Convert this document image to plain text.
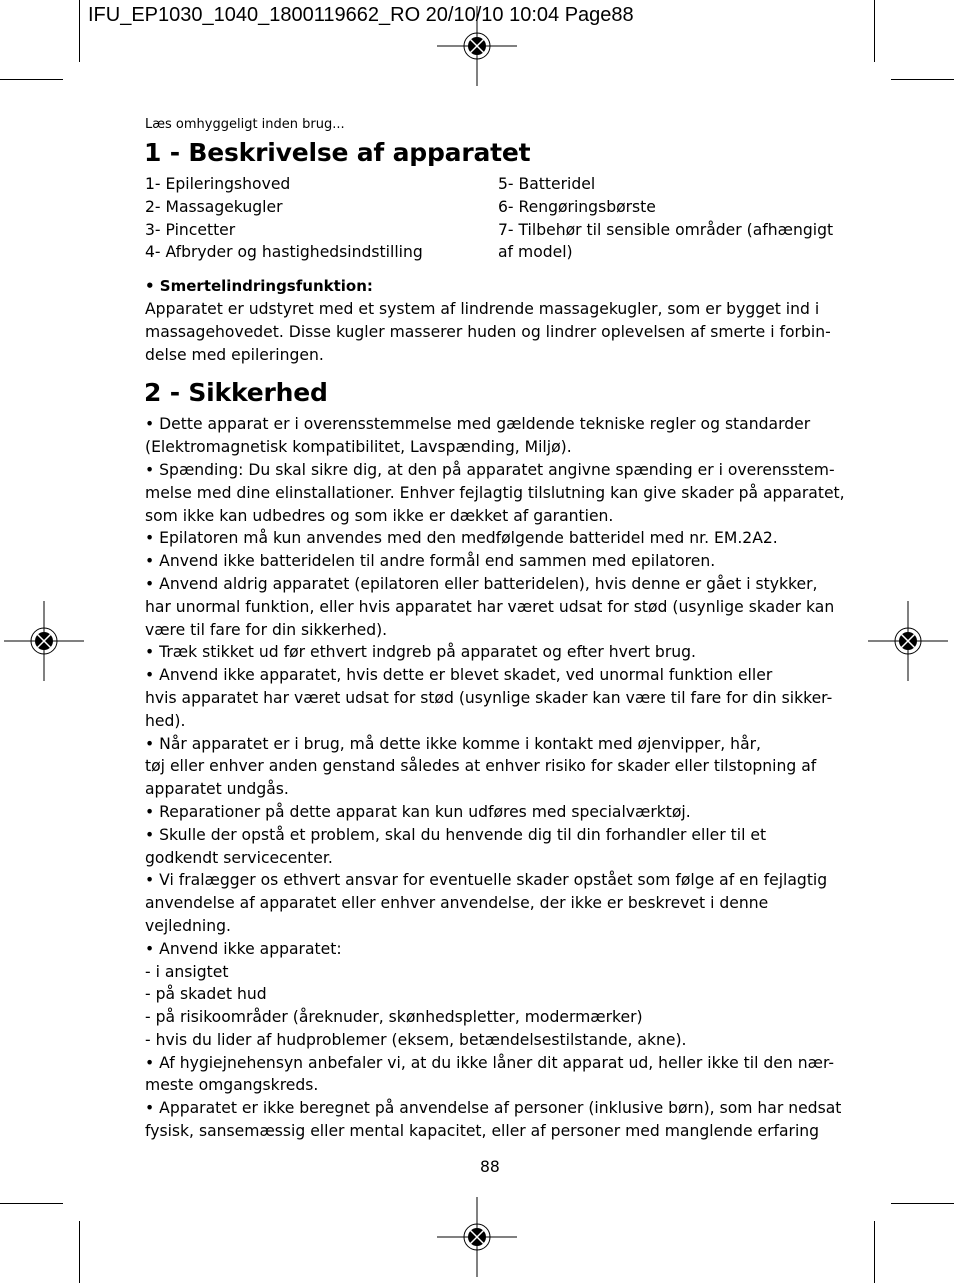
IFU_EP1030_1040_1800119662_RO 20/10/10 10:04 Page88
Læs omhyggeligt inden brug...
1 - Beskrivelse af apparatet
1- Epileringshoved
2- Massagekugler
3- Pincetter
4- Afbryder og hastighedsindstilling
5- Batteridel
6- Rengøringsbørste
7- Tilbehør til sensible områder (afhængigt
af model)
• Smertelindringsfunktion:
Apparatet er udstyret med et system af lindrende massagekugler, som er bygget ind i
massagehovedet. Disse kugler masserer huden og lindrer oplevelsen af smerte i forbin-
delse med epileringen.
2 - Sikkerhed
• Dette apparat er i overensstemmelse med gældende tekniske regler og standarder
(Elektromagnetisk kompatibilitet, Lavspænding, Miljø).
• Spænding: Du skal sikre dig, at den på apparatet angivne spænding er i overensstem-
melse med dine elinstallationer. Enhver fejlagtig tilslutning kan give skader på apparatet,
som ikke kan udbedres og som ikke er dækket af garantien.
• Epilatoren må kun anvendes med den medfølgende batteridel med nr. EM.2A2.
• Anvend ikke batteridelen til andre formål end sammen med epilatoren.
• Anvend aldrig apparatet (epilatoren eller batteridelen), hvis denne er gået i stykker,
har unormal funktion, eller hvis apparatet har været udsat for stød (usynlige skader kan
være til fare for din sikkerhed).
• Træk stikket ud før ethvert indgreb på apparatet og efter hvert brug.
• Anvend ikke apparatet, hvis dette er blevet skadet, ved unormal funktion eller
hvis apparatet har været udsat for stød (usynlige skader kan være til fare for din sikker-
hed).
• Når apparatet er i brug, må dette ikke komme i kontakt med øjenvipper, hår,
tøj eller enhver anden genstand således at enhver risiko for skader eller tilstopning af
apparatet undgås.
• Reparationer på dette apparat kan kun udføres med specialværktøj.
• Skulle der opstå et problem, skal du henvende dig til din forhandler eller til et
godkendt servicecenter.
• Vi fralægger os ethvert ansvar for eventuelle skader opstået som følge af en fejlagtig
anvendelse af apparatet eller enhver anvendelse, der ikke er beskrevet i denne
vejledning.
• Anvend ikke apparatet:
- i ansigtet
- på skadet hud
- på risikoområder (åreknuder, skønhedspletter, modermærker)
- hvis du lider af hudproblemer (eksem, betændelsestilstande, akne).
• Af hygiejnehensyn anbefaler vi, at du ikke låner dit apparat ud, heller ikke til den nær-
meste omgangskreds.
• Apparatet er ikke beregnet på anvendelse af personer (inklusive børn), som har nedsat
fysisk, sansemæssig eller mental kapacitet, eller af personer med manglende erfaring
88
